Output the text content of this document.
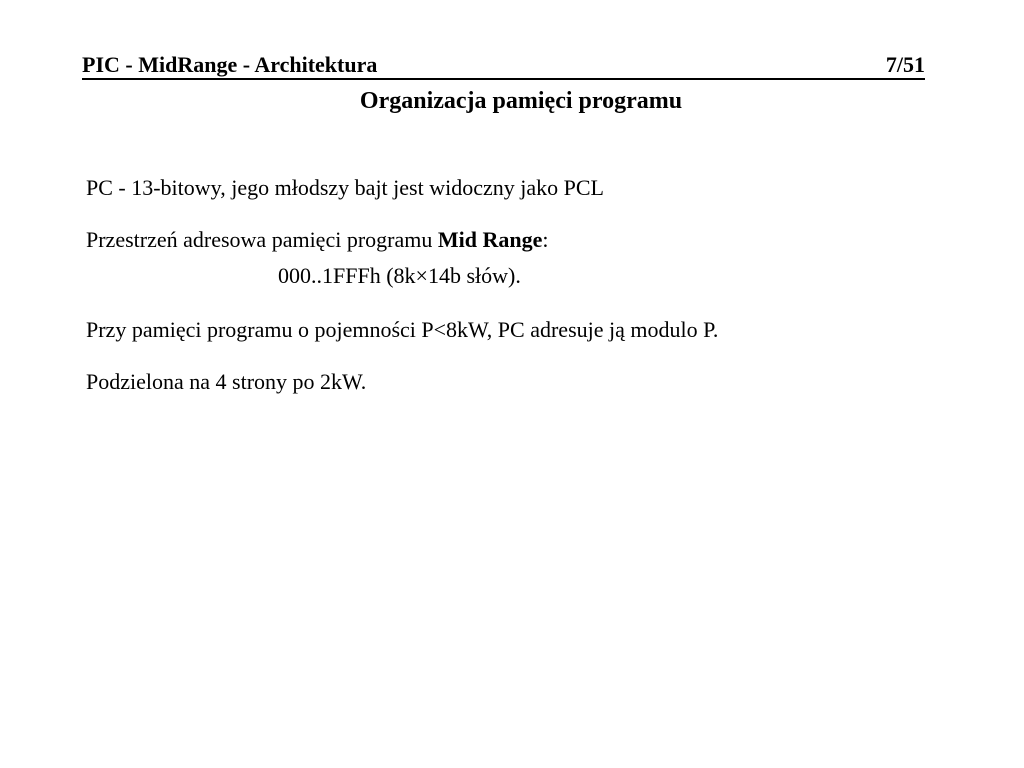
PIC - MidRange - Architektura	7/51
Organizacja pamięci programu
PC - 13-bitowy, jego młodszy bajt jest widoczny jako PCL
Przestrzeń adresowa pamięci programu Mid Range:
000..1FFFh (8k×14b słów).
Przy pamięci programu o pojemności P<8kW, PC adresuje ją modulo P.
Podzielona na 4 strony po 2kW.
